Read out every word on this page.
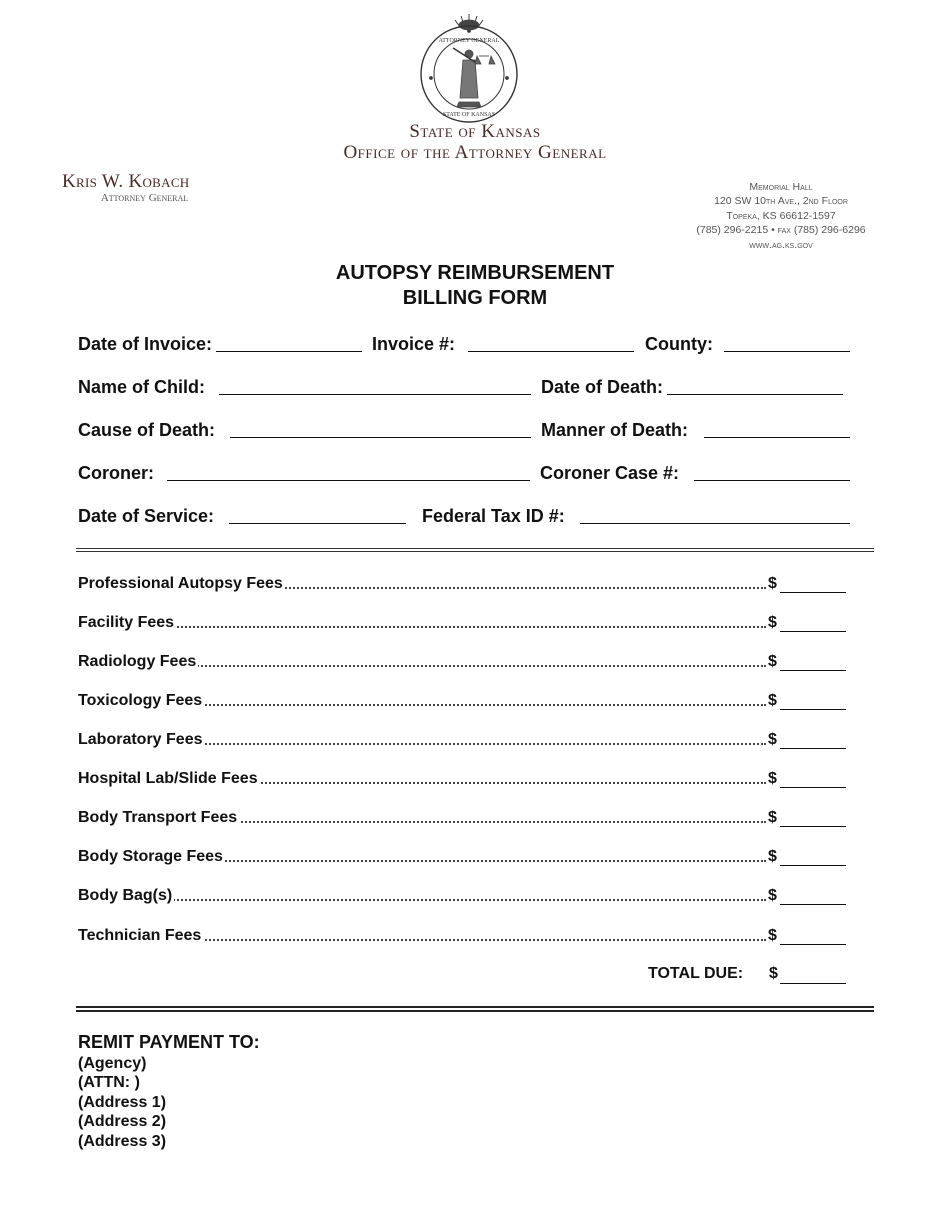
ATTORNEY GENERAL
STATE OF KANSAS
State of Kansas
Office of the Attorney General
Kris W. Kobach
Attorney General
Memorial Hall
120 SW 10th Ave., 2nd Floor
Topeka, KS 66612-1597
(785) 296-2215 • fax (785) 296-6296
www.ag.ks.gov
AUTOPSY REIMBURSEMENT
BILLING FORM
Date of Invoice:	Invoice #:	County:
Name of Child:	Date of Death:
Cause of Death:	Manner of Death:
Coroner:	Coroner Case #:
Date of Service:	Federal Tax ID #:
Professional Autopsy Fees	$
Facility Fees	$
Radiology Fees	$
Toxicology Fees	$
Laboratory Fees	$
Hospital Lab/Slide Fees	$
Body Transport Fees	$
Body Storage Fees	$
Body Bag(s)	$
Technician Fees	$
TOTAL DUE: $
REMIT PAYMENT TO:
(Agency)
(ATTN: )
(Address 1)
(Address 2)
(Address 3)
